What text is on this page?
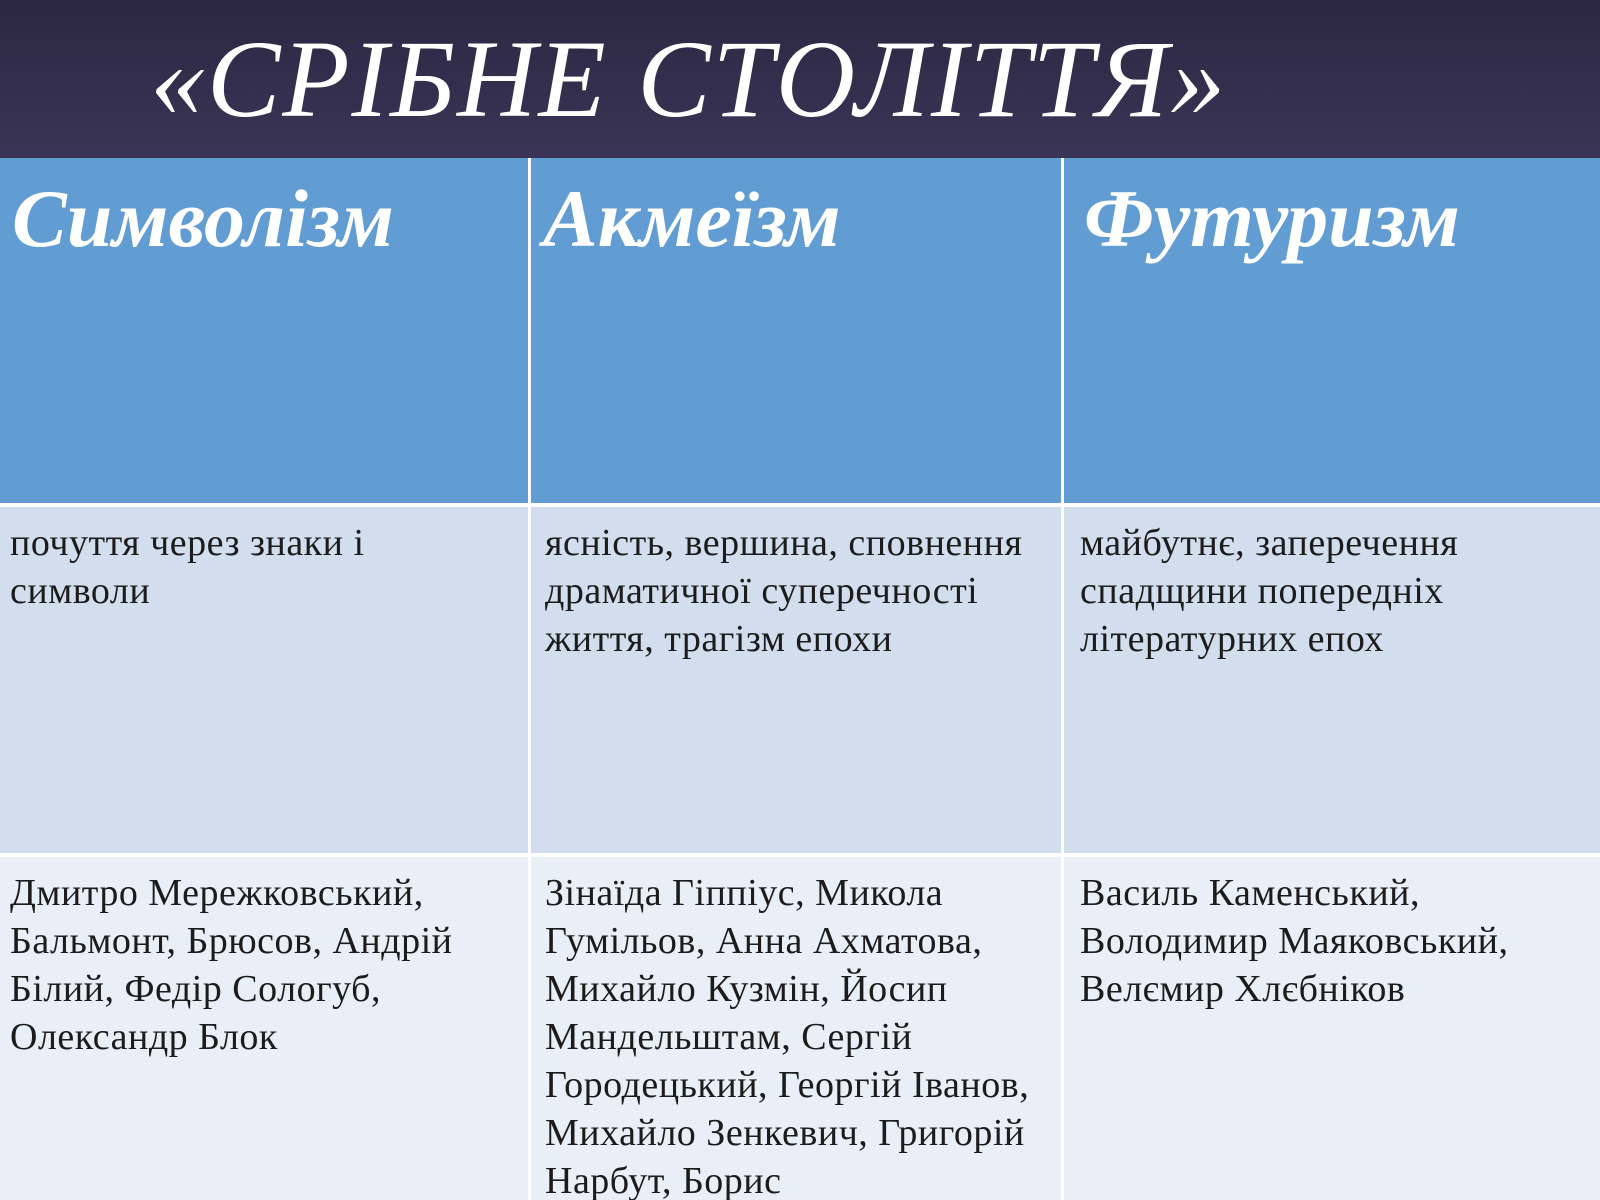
«СРІБНЕ СТОЛІТТЯ»
Символізм Акмеїзм	Футуризм
почуття через знаки і символи
ясність, вершина, сповнення драматичної суперечності життя, трагізм епохи
майбутнє, заперечення спадщини попередніх літературних епох
Дмитро Мережковський, Бальмонт, Брюсов, Андрій Білий, Федір Сологуб, Олександр Блок
Зінаїда Гіппіус, Микола Гумільов, Анна Ахматова, Михайло Кузмін, Йосип Мандельштам, Сергій Городецький, Георгій Іванов, Михайло Зенкевич, Григорій Нарбут, Борис
Василь Каменський, Володимир Маяковський, Велємир Хлєбніков
